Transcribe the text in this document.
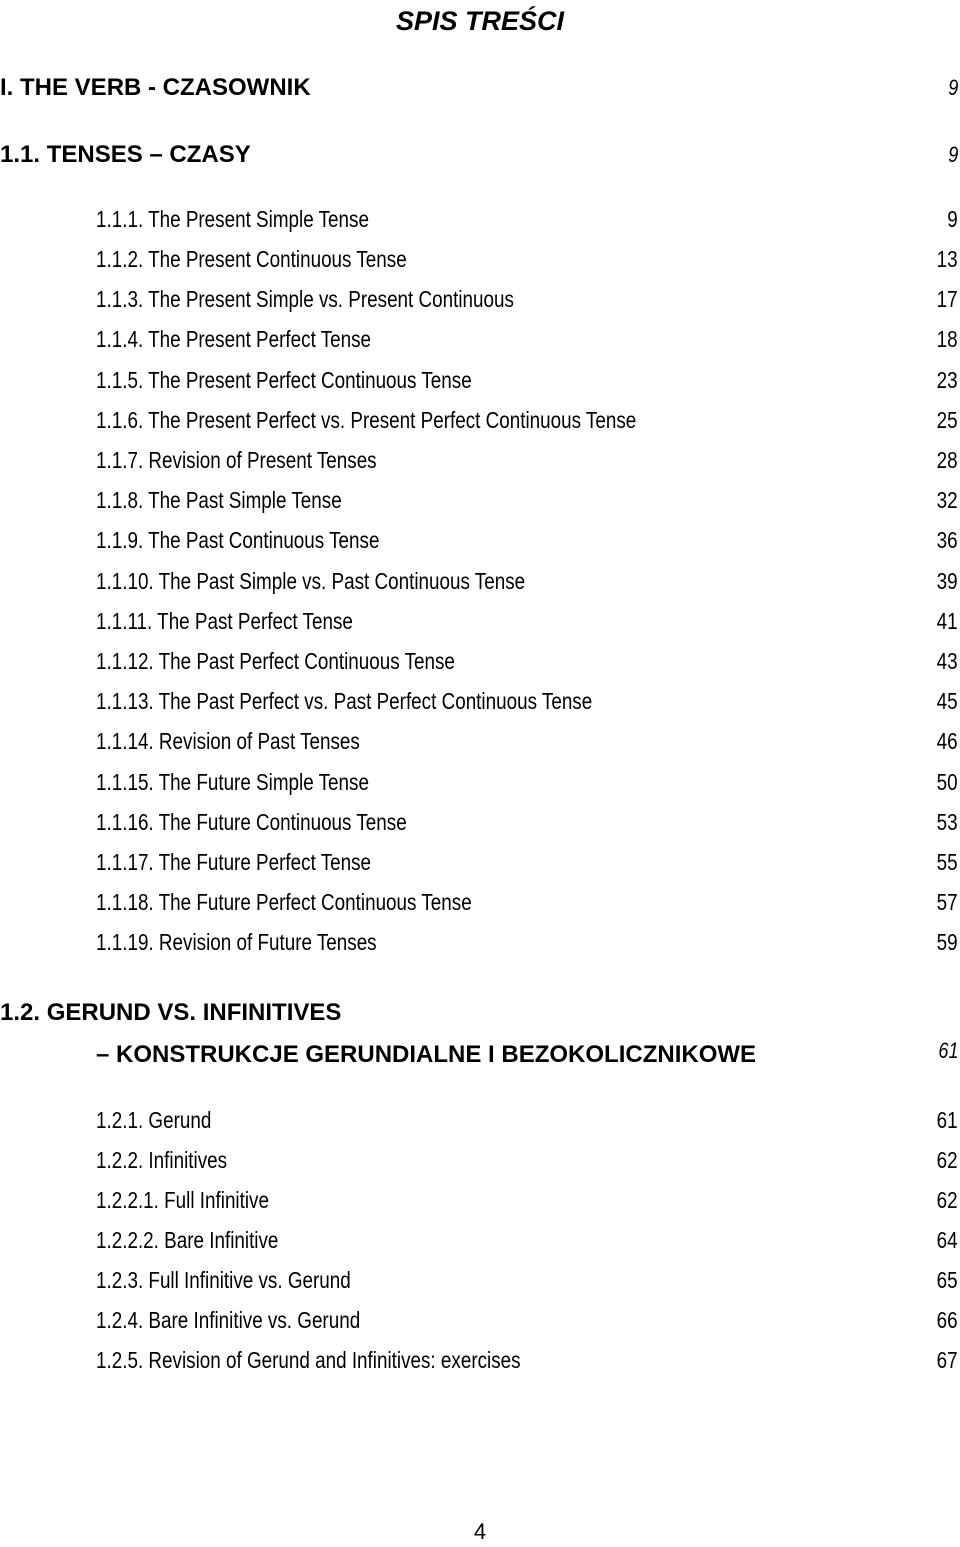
SPIS TREŚCI
I. THE VERB - CZASOWNIK	9
1.1. TENSES – CZASY	9
1.1.1. The Present Simple Tense	9
1.1.2. The Present Continuous Tense	13
1.1.3. The Present Simple vs. Present Continuous	17
1.1.4. The Present Perfect Tense	18
1.1.5. The Present Perfect Continuous Tense	23
1.1.6. The Present Perfect vs. Present Perfect Continuous Tense	25
1.1.7. Revision of Present Tenses	28
1.1.8. The Past Simple Tense	32
1.1.9. The Past Continuous Tense	36
1.1.10. The Past Simple vs. Past Continuous Tense	39
1.1.11. The Past Perfect Tense	41
1.1.12. The Past Perfect Continuous Tense	43
1.1.13. The Past Perfect vs. Past Perfect Continuous Tense	45
1.1.14. Revision of Past Tenses	46
1.1.15. The Future Simple Tense	50
1.1.16. The Future Continuous Tense	53
1.1.17. The Future Perfect Tense	55
1.1.18. The Future Perfect Continuous Tense	57
1.1.19. Revision of Future Tenses	59
1.2. GERUND VS. INFINITIVES
– KONSTRUKCJE GERUNDIALNE I BEZOKOLICZNIKOWE	61
1.2.1. Gerund	61
1.2.2. Infinitives	62
1.2.2.1. Full Infinitive	62
1.2.2.2. Bare Infinitive	64
1.2.3. Full Infinitive vs. Gerund	65
1.2.4. Bare Infinitive vs. Gerund	66
1.2.5. Revision of Gerund and Infinitives: exercises	67
4
